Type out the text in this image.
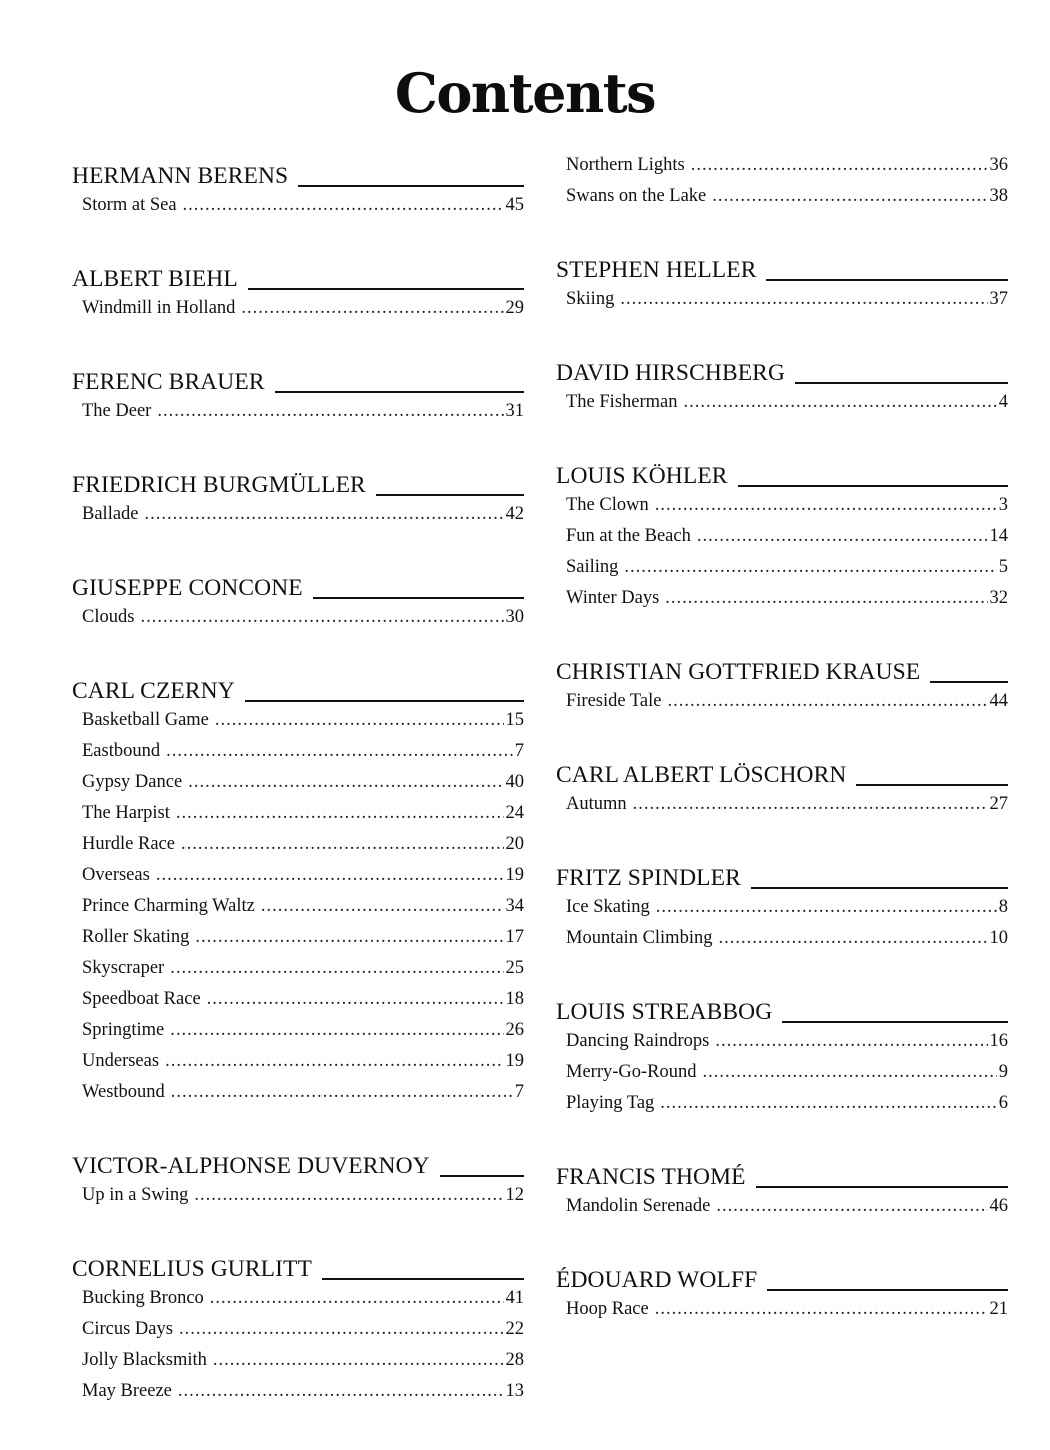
Contents
HERMANN BERENS
Storm at Sea .....	45
ALBERT BIEHL
Windmill in Holland .....	29
FERENC BRAUER
The Deer .....	31
FRIEDRICH BURGMÜLLER
Ballade .....	42
GIUSEPPE CONCONE
Clouds .....	30
CARL CZERNY
Basketball Game .....	15
Eastbound .....	7
Gypsy Dance .....	40
The Harpist .....	24
Hurdle Race .....	20
Overseas .....	19
Prince Charming Waltz .....	34
Roller Skating .....	17
Skyscraper .....	25
Speedboat Race .....	18
Springtime .....	26
Underseas .....	19
Westbound .....	7
VICTOR-ALPHONSE DUVERNOY
Up in a Swing .....	12
CORNELIUS GURLITT
Bucking Bronco .....	41
Circus Days .....	22
Jolly Blacksmith .....	28
May Breeze .....	13
Northern Lights .....	36
Swans on the Lake .....	38
STEPHEN HELLER
Skiing .....	37
DAVID HIRSCHBERG
The Fisherman .....	4
LOUIS KÖHLER
The Clown .....	3
Fun at the Beach .....	14
Sailing .....	5
Winter Days .....	32
CHRISTIAN GOTTFRIED KRAUSE
Fireside Tale .....	44
CARL ALBERT LÖSCHORN
Autumn .....	27
FRITZ SPINDLER
Ice Skating .....	8
Mountain Climbing .....	10
LOUIS STREABBOG
Dancing Raindrops .....	16
Merry-Go-Round .....	9
Playing Tag .....	6
FRANCIS THOMÉ
Mandolin Serenade .....	46
ÉDOUARD WOLFF
Hoop Race .....	21
